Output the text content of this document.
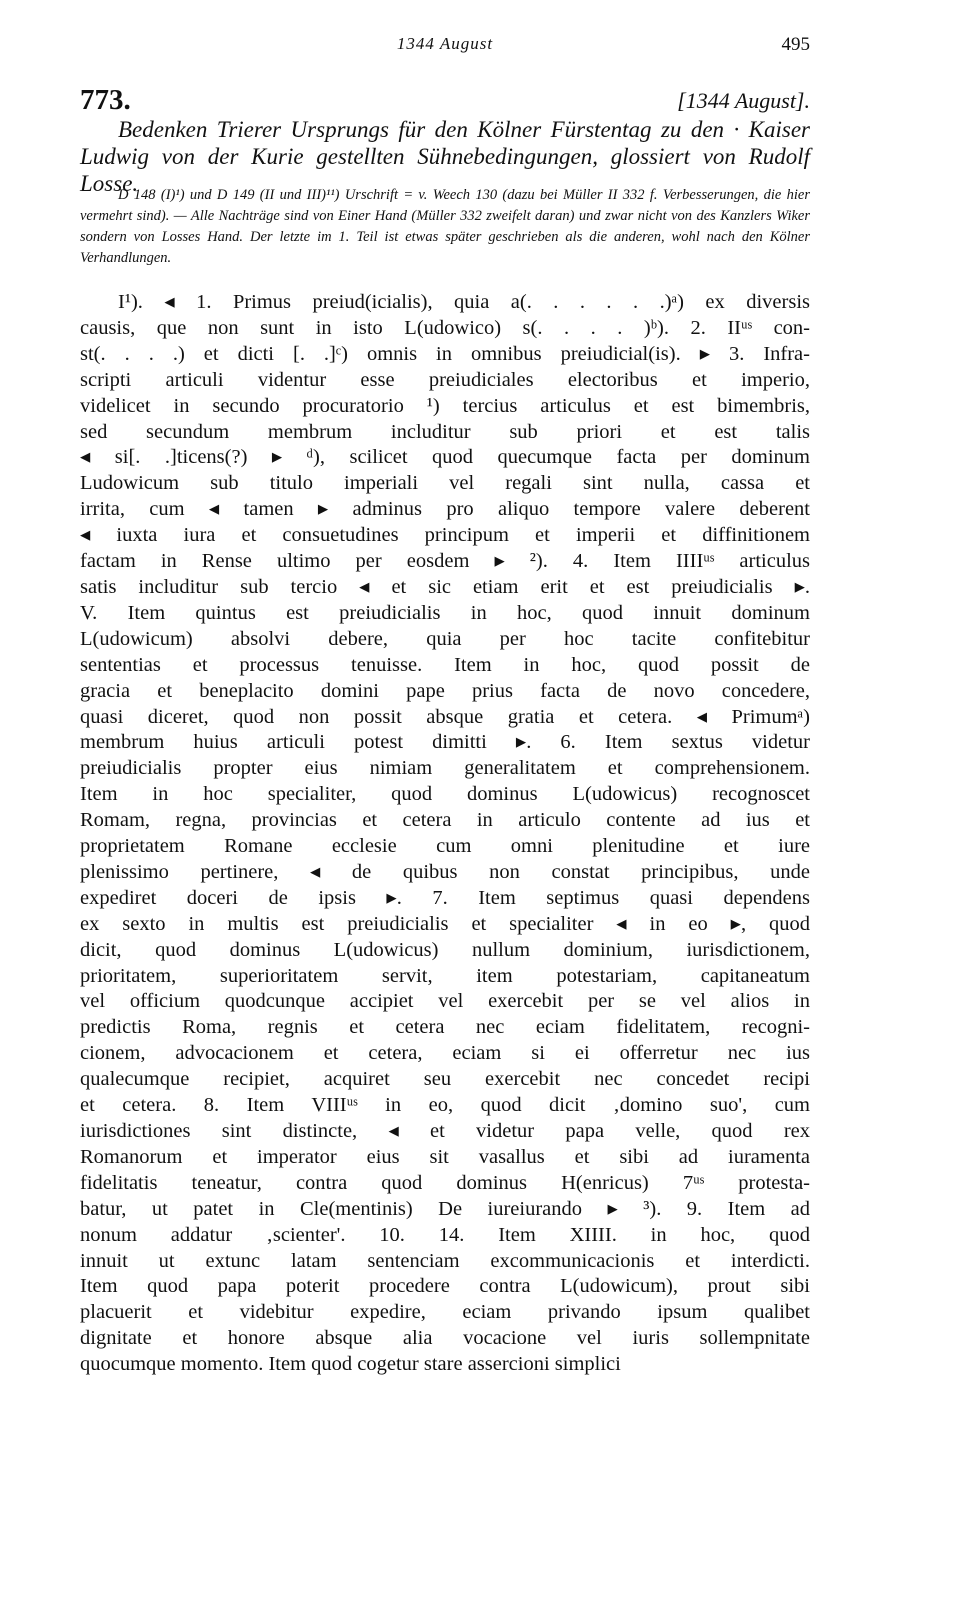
1344 August	495
773.	[1344 August].

Bedenken Trierer Ursprungs für den Kölner Fürstentag zu den · Kaiser Ludwig von der Kurie gestellten Sühnebedingungen, glossiert von Rudolf Losse.

D 148 (I)¹) und D 149 (II und III)¹¹) Urschrift = v. Weech 130 (dazu bei Müller II 332 f. Verbesserungen, die hier vermehrt sind). — Alle Nachträge sind von Einer Hand (Müller 332 zweifelt daran) und zwar nicht von des Kanzlers Wiker sondern von Losses Hand. Der letzte im 1. Teil ist etwas später geschrieben als die anderen, wohl nach den Kölner Verhandlungen.

I¹). ◂ 1. Primus preiud(icialis), quia a(. . . . . .)ᵃ) ex diversis
causis, que non sunt in isto L(udowico) s(. . . . )ᵇ). 2. IIᵘˢ con-
st(. . . .) et dicti [. .]ᶜ) omnis in omnibus preiudicial(is). ▸ 3. Infra-
scripti articuli videntur esse preiudiciales electoribus et imperio,
videlicet in secundo procuratorio ¹) tercius articulus et est bimembris,
sed secundum membrum includitur sub priori et est talis
◂ si[. .]ticens(?) ▸ ᵈ), scilicet quod quecumque facta per dominum
Ludowicum sub titulo imperiali vel regali sint nulla, cassa et
irrita, cum ◂ tamen ▸ adminus pro aliquo tempore valere deberent
◂ iuxta iura et consuetudines principum et imperii et diffinitionem
factam in Rense ultimo per eosdem ▸ ²). 4. Item IIIIᵘˢ articulus
satis includitur sub tercio ◂ et sic etiam erit et est preiudicialis ▸.
V. Item quintus est preiudicialis in hoc, quod innuit dominum
L(udowicum) absolvi debere, quia per hoc tacite confitebitur
sententias et processus tenuisse. Item in hoc, quod possit de
gracia et beneplacito domini pape prius facta de novo concedere,
quasi diceret, quod non possit absque gratia et cetera. ◂ Primumᵃ)
membrum huius articuli potest dimitti ▸. 6. Item sextus videtur
preiudicialis propter eius nimiam generalitatem et comprehensionem.
Item in hoc specialiter, quod dominus L(udowicus) recognoscet
Romam, regna, provincias et cetera in articulo contente ad ius et
proprietatem Romane ecclesie cum omni plenitudine et iure
plenissimo pertinere, ◂ de quibus non constat principibus, unde
expediret doceri de ipsis ▸. 7. Item septimus quasi dependens
ex sexto in multis est preiudicialis et specialiter ◂ in eo ▸, quod
dicit, quod dominus L(udowicus) nullum dominium, iurisdictionem,
prioritatem, superioritatem servit, item potestariam, capitaneatum
vel officium quodcunque accipiet vel exercebit per se vel alios in
predictis Roma, regnis et cetera nec eciam fidelitatem, recogni-
cionem, advocacionem et cetera, eciam si ei offerretur nec ius
qualecumque recipiet, acquiret seu exercebit nec concedet recipi
et cetera. 8. Item VIIIᵘˢ in eo, quod dicit ‚domino suo', cum
iurisdictiones sint distincte, ◂ et videtur papa velle, quod rex
Romanorum et imperator eius sit vasallus et sibi ad iuramenta
fidelitatis teneatur, contra quod dominus H(enricus) 7ᵘˢ protesta-
batur, ut patet in Cle(mentinis) De iureiurando ▸ ³). 9. Item ad
nonum addatur ‚scienter'. 10. 14. Item XIIII. in hoc, quod
innuit ut extunc latam sentenciam excommunicacionis et interdicti.
Item quod papa poterit procedere contra L(udowicum), prout sibi
placuerit et videbitur expedire, eciam privando ipsum qualibet
dignitate et honore absque alia vocacione vel iuris sollempnitate
quocumque momento. Item quod cogetur stare assercioni simplici
